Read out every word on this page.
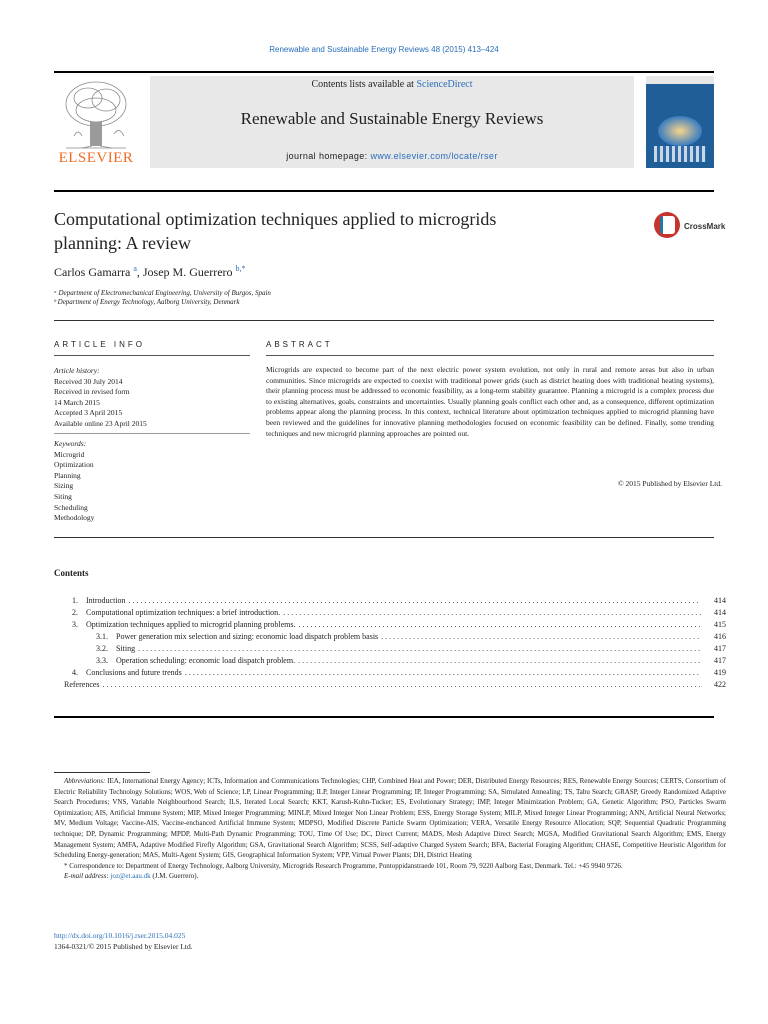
Renewable and Sustainable Energy Reviews 48 (2015) 413–424
ELSEVIER
Contents lists available at ScienceDirect
Renewable and Sustainable Energy Reviews
journal homepage: www.elsevier.com/locate/rser
Computational optimization techniques applied to microgrids
planning: A review
CrossMark
Carlos Gamarra $^a$, Josep M. Guerrero $^{b,*}$
ᵃ Department of Electromechanical Engineering, University of Burgos, Spain
ᵇ Department of Energy Technology, Aalborg University, Denmark
ARTICLE INFO	ABSTRACT
Article history:
Received 30 July 2014
Received in revised form
14 March 2015
Accepted 3 April 2015
Available online 23 April 2015
Keywords:
Microgrid
Optimization
Planning
Sizing
Siting
Scheduling
Methodology
Microgrids are expected to become part of the next electric power system evolution, not only in rural and remote areas but also in urban communities. Since microgrids are expected to coexist with traditional power grids (such as district heating does with traditional heating systems), their planning process must be addressed to economic feasibility, as a long-term stability guarantee. Planning a microgrid is a complex process due to existing alternatives, goals, constraints and uncertainties. Usually planning goals conflict each other and, as a consequence, different optimization problems appear along the planning process. In this context, technical literature about optimization techniques applied to microgrid planning have been reviewed and the guidelines for innovative planning methodologies focused on economic feasibility can be defined. Finally, some trending techniques and new microgrid planning approaches are pointed out.
© 2015 Published by Elsevier Ltd.
Contents
1.	Introduction . . .	414
2.	Computational optimization techniques: a brief introduction. . . .	414
3.	Optimization techniques applied to microgrid planning problems. . . .	415
3.1.	Power generation mix selection and sizing: economic load dispatch problem basis . . .	416
3.2.	Siting . . .	417
3.3.	Operation scheduling: economic load dispatch problem. . . .	417
4.	Conclusions and future trends . . .	419
References . . .	422
Abbreviations: IEA, International Energy Agency; ICTs, Information and Communications Technologies; CHP, Combined Heat and Power; DER, Distributed Energy Resources; RES, Renewable Energy Sources; CERTS, Consortium of Electric Reliability Technology Solutions; WOS, Web of Science; LP, Linear Programming; ILP, Integer Linear Programming; IP, Integer Programming; SA, Simulated Annealing; TS, Tabu Search; GRASP, Greedy Randomized Adaptive Search Procedures; VNS, Variable Neighbourhood Search; ILS, Iterated Local Search; KKT, Karush-Kuhn-Tucker; ES, Evolutionary Strategy; IMP, Integer Minimization Problem; GA, Genetic Algorithm; PSO, Particles Swarm Optimization; AIS, Artificial Immune System; MIP, Mixed Integer Programming; MINLP, Mixed Integer Non Linear Problem; ESS, Energy Storage System; MILP, Mixed Integer Linear Programming; ANN, Artificial Neural Networks; MV, Medium Voltage; Vaccine-AIS, Vaccine-enchanced Artificial Immune System; MDPSO, Modified Discrete Particle Swarm Optimization; VERA, Versatile Energy Resource Allocation; SQP, Sequential Quadratic Programming technique; DP, Dynamic Programming; MPDP, Multi-Path Dynamic Programming; TOU, Time Of Use; DC, Direct Current; MADS, Mesh Adaptive Direct Search; MGSA, Modified Gravitational Search Algorithm; EMS, Energy Management System; AMFA, Adaptive Modified Firefly Algorithm; GSA, Gravitational Search Algorithm; SCSS, Self-adaptive Charged System Search; BFA, Bacterial Foraging Algorithm; CHASE, Competitive Heuristic Algorithm for Scheduling Energy-generation; MAS, Multi-Agent System; GIS, Geographical Information System; VPP, Virtual Power Plants; DH, District Heating
* Correspondence to: Department of Energy Technology, Aalborg University, Microgrids Research Programme, Pontoppidanstraede 101, Room 79, 9220 Aalborg East, Denmark. Tel.: +45 9940 9726.
E-mail address: joz@et.aau.dk (J.M. Guerrero).
http://dx.doi.org/10.1016/j.rser.2015.04.025
1364-0321/© 2015 Published by Elsevier Ltd.
